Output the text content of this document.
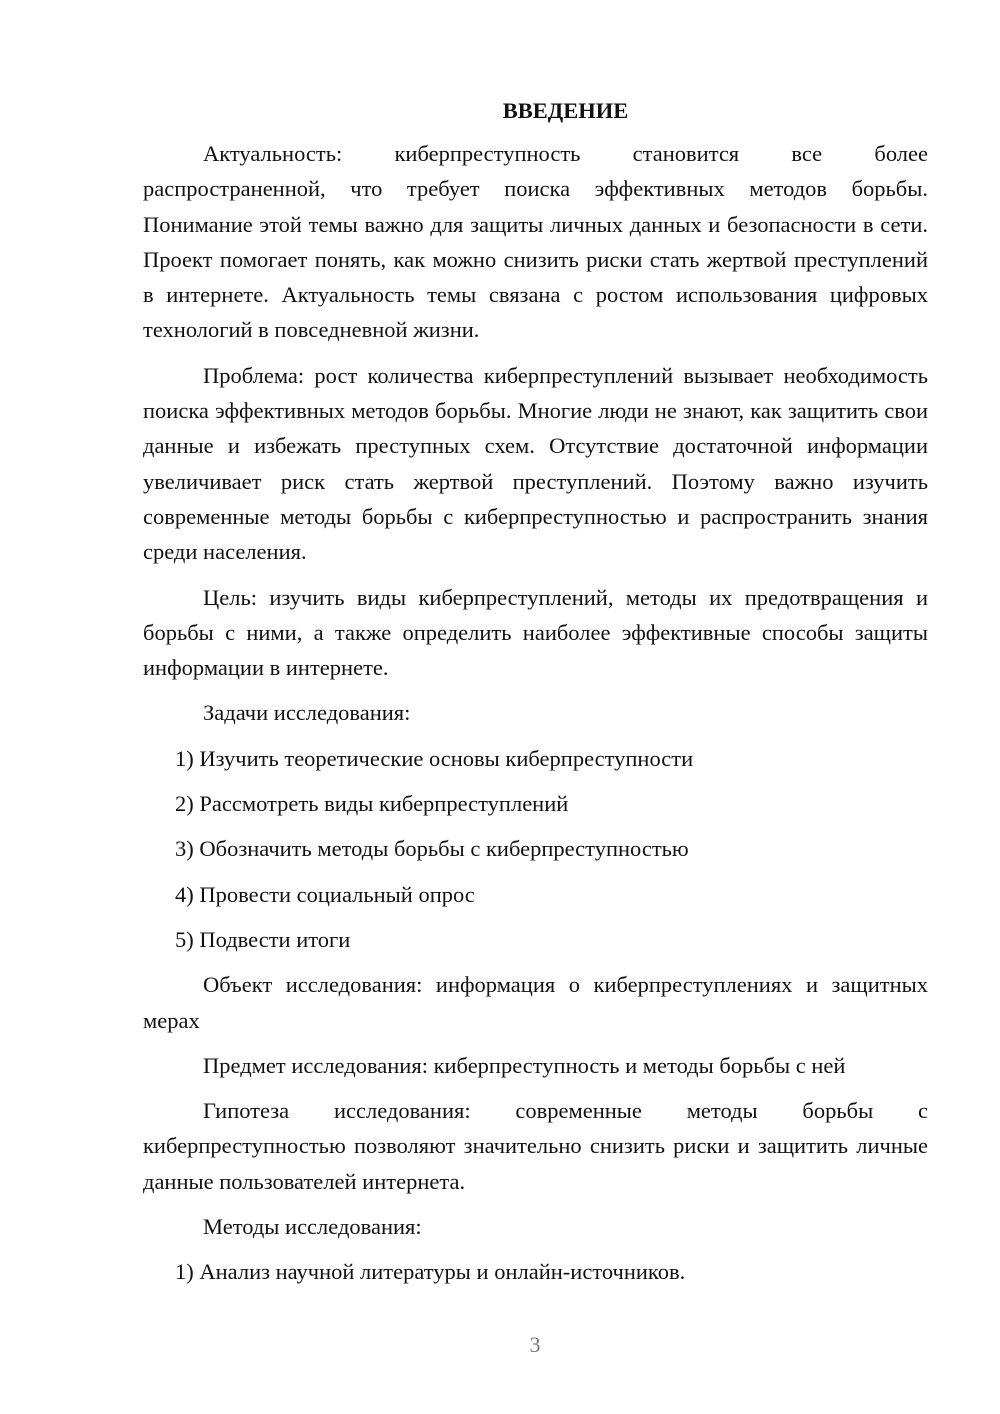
ВВЕДЕНИЕ

Актуальность: киберпреступность становится все более распространенной, что требует поиска эффективных методов борьбы. Понимание этой темы важно для защиты личных данных и безопасности в сети. Проект помогает понять, как можно снизить риски стать жертвой преступлений в интернете. Актуальность темы связана с ростом использования цифровых технологий в повседневной жизни.

Проблема: рост количества киберпреступлений вызывает необходимость поиска эффективных методов борьбы. Многие люди не знают, как защитить свои данные и избежать преступных схем. Отсутствие достаточной информации увеличивает риск стать жертвой преступлений. Поэтому важно изучить современные методы борьбы с киберпреступностью и распространить знания среди населения.

Цель: изучить виды киберпреступлений, методы их предотвращения и борьбы с ними, а также определить наиболее эффективные способы защиты информации в интернете.

Задачи исследования:

1) Изучить теоретические основы киберпреступности

2) Рассмотреть виды киберпреступлений

3) Обозначить методы борьбы с киберпреступностью

4) Провести социальный опрос

5) Подвести итоги

Объект исследования: информация о киберпреступлениях и защитных мерах

Предмет исследования: киберпреступность и методы борьбы с ней

Гипотеза исследования: современные методы борьбы с киберпреступностью позволяют значительно снизить риски и защитить личные данные пользователей интернета.

Методы исследования:

1) Анализ научной литературы и онлайн-источников.

3
